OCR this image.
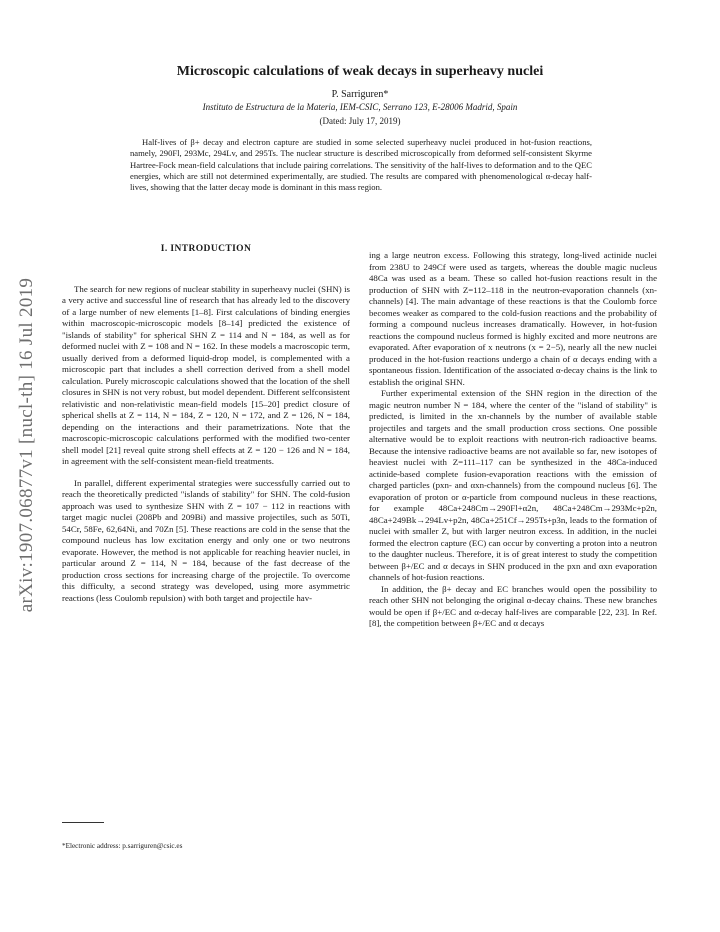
arXiv:1907.06877v1 [nucl-th] 16 Jul 2019
Microscopic calculations of weak decays in superheavy nuclei
P. Sarriguren*
Instituto de Estructura de la Materia, IEM-CSIC, Serrano 123, E-28006 Madrid, Spain
(Dated: July 17, 2019)
Half-lives of β+ decay and electron capture are studied in some selected superheavy nuclei produced in hot-fusion reactions, namely, 290Fl, 293Mc, 294Lv, and 295Ts. The nuclear structure is described microscopically from deformed self-consistent Skyrme Hartree-Fock mean-field calculations that include pairing correlations. The sensitivity of the half-lives to deformation and to the QEC energies, which are still not determined experimentally, are studied. The results are compared with phenomenological α-decay half-lives, showing that the latter decay mode is dominant in this mass region.
I. INTRODUCTION

The search for new regions of nuclear stability in superheavy nuclei (SHN) is a very active and successful line of research that has already led to the discovery of a large number of new elements [1–8]. First calculations of binding energies within macroscopic-microscopic models [8–14] predicted the existence of "islands of stability" for spherical SHN Z = 114 and N = 184, as well as for deformed nuclei with Z = 108 and N = 162. In these models a macroscopic term, usually derived from a deformed liquid-drop model, is complemented with a microscopic part that includes a shell correction derived from a shell model calculation. Purely microscopic calculations showed that the location of the shell closures in SHN is not very robust, but model dependent. Different selfconsistent relativistic and non-relativistic mean-field models [15–20] predict closure of spherical shells at Z = 114, N = 184, Z = 120, N = 172, and Z = 126, N = 184, depending on the interactions and their parametrizations. Note that the macroscopic-microscopic calculations performed with the modified two-center shell model [21] reveal quite strong shell effects at Z = 120 − 126 and N = 184, in agreement with the self-consistent mean-field treatments.

In parallel, different experimental strategies were successfully carried out to reach the theoretically predicted "islands of stability" for SHN. The cold-fusion approach was used to synthesize SHN with Z = 107 − 112 in reactions with target magic nuclei (208Pb and 209Bi) and massive projectiles, such as 50Ti, 54Cr, 58Fe, 62,64Ni, and 70Zn [5]. These reactions are cold in the sense that the compound nucleus has low excitation energy and only one or two neutrons evaporate. However, the method is not applicable for reaching heavier nuclei, in particular around Z = 114, N = 184, because of the fast decrease of the production cross sections for increasing charge of the projectile. To overcome this difficulty, a second strategy was developed, using more asymmetric reactions (less Coulomb repulsion) with both target and projectile hav-

ing a large neutron excess. Following this strategy, long-lived actinide nuclei from 238U to 249Cf were used as targets, whereas the double magic nucleus 48Ca was used as a beam. These so called hot-fusion reactions result in the production of SHN with Z=112–118 in the neutron-evaporation channels (xn-channels) [4]. The main advantage of these reactions is that the Coulomb force becomes weaker as compared to the cold-fusion reactions and the probability of forming a compound nucleus increases dramatically. However, in hot-fusion reactions the compound nucleus formed is highly excited and more neutrons are evaporated. After evaporation of x neutrons (x = 2−5), nearly all the new nuclei produced in the hot-fusion reactions undergo a chain of α decays ending with a spontaneous fission. Identification of the associated α-decay chains is the link to establish the original SHN.

Further experimental extension of the SHN region in the direction of the magic neutron number N = 184, where the center of the "island of stability" is predicted, is limited in the xn-channels by the number of available stable projectiles and targets and the small production cross sections. One possible alternative would be to exploit reactions with neutron-rich radioactive beams. Because the intensive radioactive beams are not available so far, new isotopes of heaviest nuclei with Z=111–117 can be synthesized in the 48Ca-induced actinide-based complete fusion-evaporation reactions with the emission of charged particles (pxn- and αxn-channels) from the compound nucleus [6]. The evaporation of proton or α-particle from compound nucleus in these reactions, for example 48Ca+248Cm→290Fl+α2n, 48Ca+248Cm→293Mc+p2n, 48Ca+249Bk→294Lv+p2n, 48Ca+251Cf→295Ts+p3n, leads to the formation of nuclei with smaller Z, but with larger neutron excess. In addition, in the nuclei formed the electron capture (EC) can occur by converting a proton into a neutron to the daughter nucleus. Therefore, it is of great interest to study the competition between β+/EC and α decays in SHN produced in the pxn and αxn evaporation channels of hot-fusion reactions.

In addition, the β+ decay and EC branches would open the possibility to reach other SHN not belonging the original α-decay chains. These new branches would be open if β+/EC and α-decay half-lives are comparable [22, 23]. In Ref. [8], the competition between β+/EC and α decays

*Electronic address: p.sarriguren@csic.es
